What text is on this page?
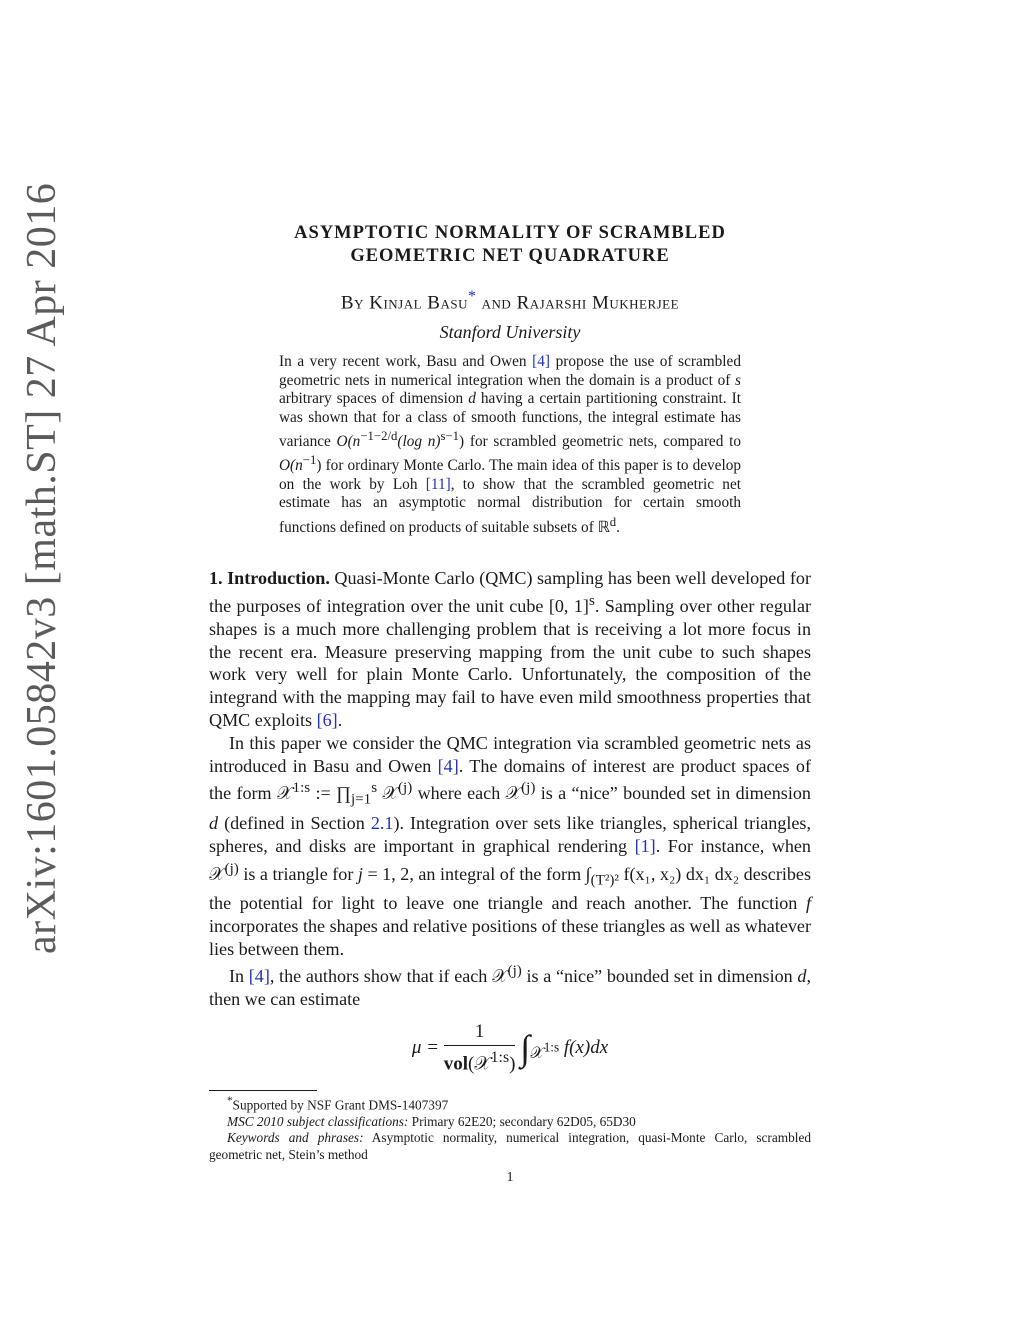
arXiv:1601.05842v3 [math.ST] 27 Apr 2016	ASYMPTOTIC NORMALITY OF SCRAMBLED
GEOMETRIC NET QUADRATURE
By Kinjal Basu* and Rajarshi Mukherjee
Stanford University
In a very recent work, Basu and Owen [4] propose the use of scrambled geometric nets in numerical integration when the domain is a product of s arbitrary spaces of dimension d having a certain partitioning constraint. It was shown that for a class of smooth functions, the integral estimate has variance $O(n^{-1-2/d}(\log$ n)$^{s-1}$) for scrambled geometric nets, compared to $O(n^{-1})$ for ordinary Monte Carlo. The main idea of this paper is to develop on the work by Loh [11], to show that the scrambled geometric net estimate has an asymptotic normal distribution for certain smooth functions defined on products of suitable subsets of ℝ$^d$.

1. Introduction. Quasi-Monte Carlo (QMC) sampling has been well developed for the purposes of integration over the unit cube [0, 1]$^s$. Sampling over other regular shapes is a much more challenging problem that is receiving a lot more focus in the recent era. Measure preserving mapping from the unit cube to such shapes work very well for plain Monte Carlo. Unfortunately, the composition of the integrand with the mapping may fail to have even mild smoothness properties that QMC exploits [6].

In this paper we consider the QMC integration via scrambled geometric nets as introduced in Basu and Owen [4]. The domains of interest are product spaces of the form 𝒳$^{1:s}$ := $\prod_{j=1}^s$ 𝒳$^{(j)}$ where each 𝒳$^{(j)}$ is a “nice” bounded set in dimension d (defined in Section 2.1). Integration over sets like triangles, spherical triangles, spheres, and disks are important in graphical rendering [1]. For instance, when 𝒳$^{(j)}$ is a triangle for j = 1, 2, an integral of the form $\int_{(T^2)^2}$ f(x₁, x₂) dx₁ dx₂ describes the potential for light to leave one triangle and reach another. The function f incorporates the shapes and relative positions of these triangles as well as whatever lies between them.

In [4], the authors show that if each 𝒳$^{(j)}$ is a “nice” bounded set in dimension d, then we can estimate

$\mu = \frac{1}{vol(𝒳^{1:s})} \int_{𝒳^{1:s}}$ f(x)dx

*Supported by NSF Grant DMS-1407397

MSC 2010 subject classifications: Primary 62E20; secondary 62D05, 65D30

Keywords and phrases: Asymptotic normality, numerical integration, quasi-Monte Carlo, scrambled geometric net, Stein’s method

1
